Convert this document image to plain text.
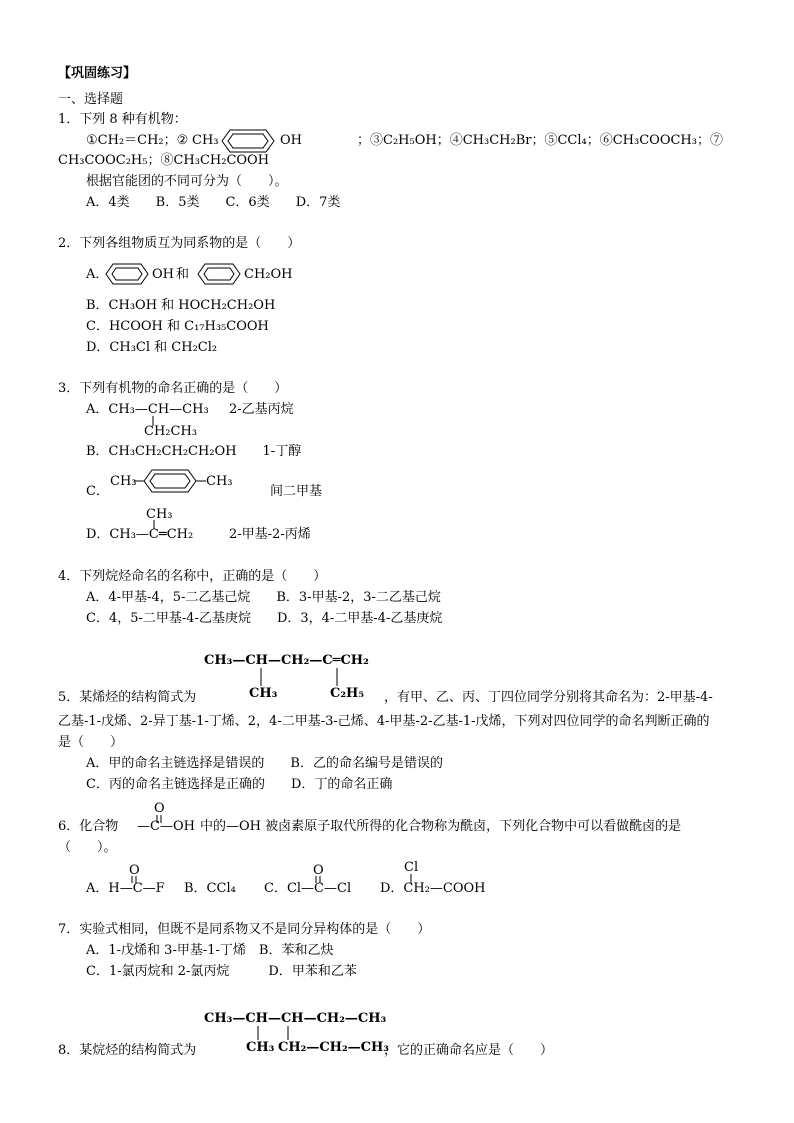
【巩固练习】
一、选择题
1．下列 8 种有机物：
①CH₂＝CH₂；② CH₃	OH	；③C₂H₅OH；④CH₃CH₂Br；⑤CCl₄；⑥CH₃COOCH₃；⑦
CH₃COOC₂H₅；⑧CH₃CH₂COOH
根据官能团的不同可分为（　　）。
A．4类　　B．5类　　C．6类　　D．7类
2．下列各组物质互为同系物的是（　　）
A．	OH 和	CH₂OH
B．CH₃OH 和 HOCH₂CH₂OH
C．HCOOH 和 C₁₇H₃₅COOH
D．CH₃Cl 和 CH₂Cl₂
3．下列有机物的命名正确的是（　　）
A．CH₃—CH—CH₃
CH₂CH₃
2-乙基丙烷
B．CH₃CH₂CH₂CH₂OH　　1-丁醇
C．
CH₃	CH₃
间二甲基
CH₃
D．CH₃—C═CH₂	2-甲基-2-丙烯
4．下列烷烃命名的名称中，正确的是（　　）
A．4-甲基-4，5-二乙基己烷　　B．3-甲基-2，3-二乙基己烷
C．4，5-二甲基-4-乙基庚烷　　D．3，4-二甲基-4-乙基庚烷
CH₃—CH—CH₂—C═CH₂
CH₃	C₂H₅
5．某烯烃的结构简式为	，有甲、乙、丙、丁四位同学分别将其命名为：2-甲基-4-
乙基-1-戊烯、2-异丁基-1-丁烯、2，4-二甲基-3-己烯、4-甲基-2-乙基-1-戊烯，下列对四位同学的命名判断正确的
是（　　）
A．甲的命名主链选择是错误的　　B．乙的命名编号是错误的
C．丙的命名主链选择是正确的　　D．丁的命名正确
6．化合物
O
—C—OH 中的—OH 被卤素原子取代所得的化合物称为酰卤，下列化合物中可以看做酰卤的是
（　　）。
O
A．H—C—F B．CCl₄
O
C．Cl—C—Cl
Cl
D．CH₂—COOH
7．实验式相同，但既不是同系物又不是同分异构体的是（　　）
A．1-戊烯和 3-甲基-1-丁烯　B．苯和乙炔
C．1-氯丙烷和 2-氯丙烷　　　D．甲苯和乙苯
CH₃—CH—CH—CH₂—CH₃
CH₃ CH₂—CH₂—CH₃
8．某烷烃的结构简式为	，它的正确命名应是（　　）
